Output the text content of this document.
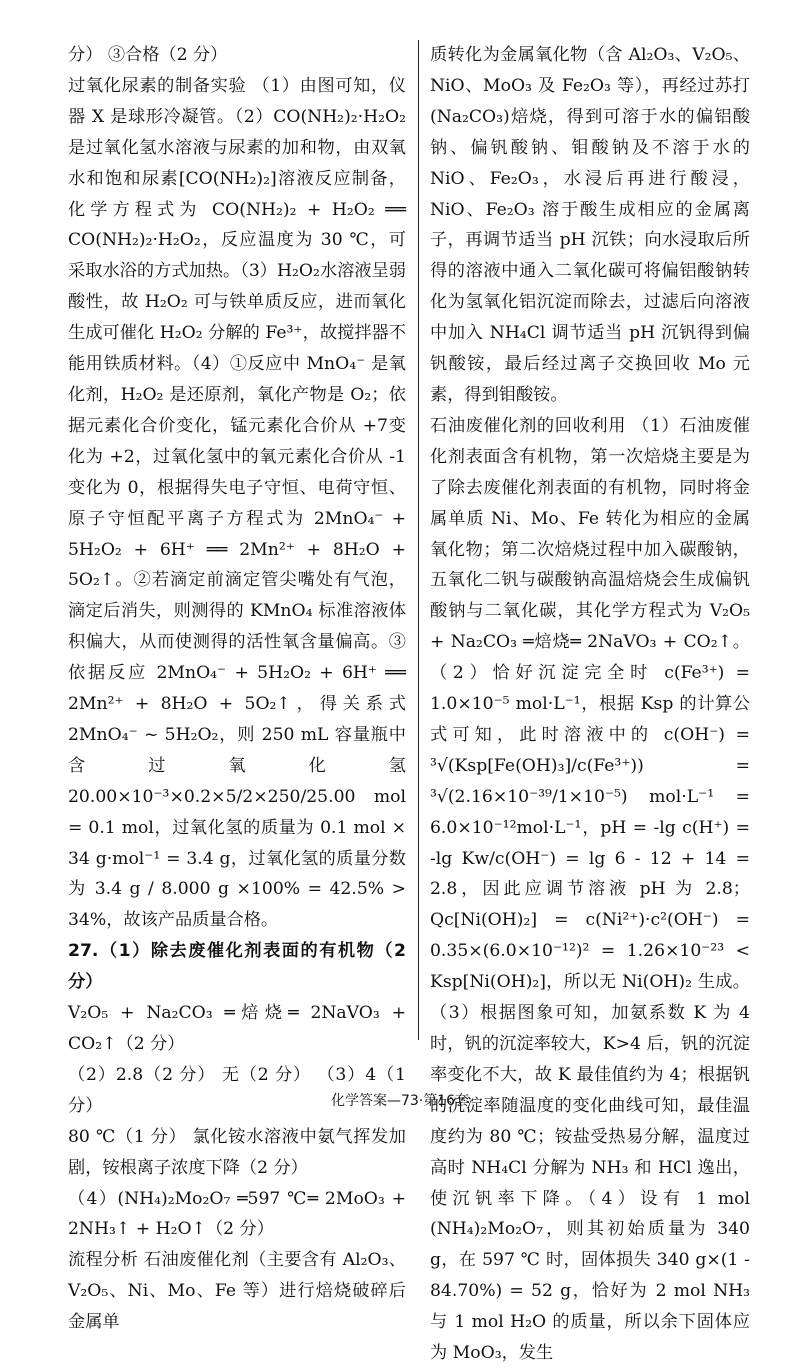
分） ③合格（2 分）

过氧化尿素的制备实验 （1）由图可知，仪器 X 是球形冷凝管。（2）CO(NH₂)₂·H₂O₂ 是过氧化氢水溶液与尿素的加和物，由双氧水和饱和尿素[CO(NH₂)₂]溶液反应制备，化学方程式为 CO(NH₂)₂ + H₂O₂ ══ CO(NH₂)₂·H₂O₂，反应温度为 30 ℃，可采取水浴的方式加热。（3）H₂O₂水溶液呈弱酸性，故 H₂O₂ 可与铁单质反应，进而氧化生成可催化 H₂O₂ 分解的 Fe³⁺，故搅拌器不能用铁质材料。（4）①反应中 MnO₄⁻ 是氧化剂，H₂O₂ 是还原剂，氧化产物是 O₂；依据元素化合价变化，锰元素化合价从 +7变化为 +2，过氧化氢中的氧元素化合价从 -1 变化为 0，根据得失电子守恒、电荷守恒、原子守恒配平离子方程式为 2MnO₄⁻ + 5H₂O₂ + 6H⁺ ══ 2Mn²⁺ + 8H₂O + 5O₂↑。②若滴定前滴定管尖嘴处有气泡，滴定后消失，则测得的 KMnO₄ 标准溶液体积偏大，从而使测得的活性氧含量偏高。③依据反应 2MnO₄⁻ + 5H₂O₂ + 6H⁺ ══ 2Mn²⁺ + 8H₂O + 5O₂↑，得关系式 2MnO₄⁻ ~ 5H₂O₂，则 250 mL 容量瓶中含过氧化氢 20.00×10⁻³×0.2×5/2×250/25.00 mol = 0.1 mol，过氧化氢的质量为 0.1 mol × 34 g·mol⁻¹ = 3.4 g，过氧化氢的质量分数为 3.4 g / 8.000 g ×100% = 42.5% > 34%，故该产品质量合格。

27.（1）除去废催化剂表面的有机物（2 分）

V₂O₅ + Na₂CO₃ ═焙烧═ 2NaVO₃ + CO₂↑（2 分）

（2）2.8（2 分） 无（2 分） （3）4（1 分）

80 ℃（1 分） 氯化铵水溶液中氨气挥发加剧，铵根离子浓度下降（2 分）

（4）(NH₄)₂Mo₂O₇ ═597 ℃═ 2MoO₃ + 2NH₃↑ + H₂O↑（2 分）

流程分析 石油废催化剂（主要含有 Al₂O₃、V₂O₅、Ni、Mo、Fe 等）进行焙烧破碎后金属单

质转化为金属氧化物（含 Al₂O₃、V₂O₅、NiO、MoO₃ 及 Fe₂O₃ 等），再经过苏打(Na₂CO₃)焙烧，得到可溶于水的偏铝酸钠、偏钒酸钠、钼酸钠及不溶于水的 NiO、Fe₂O₃，水浸后再进行酸浸，NiO、Fe₂O₃ 溶于酸生成相应的金属离子，再调节适当 pH 沉铁；向水浸取后所得的溶液中通入二氧化碳可将偏铝酸钠转化为氢氧化铝沉淀而除去，过滤后向溶液中加入 NH₄Cl 调节适当 pH 沉钒得到偏钒酸铵，最后经过离子交换回收 Mo 元素，得到钼酸铵。

石油废催化剂的回收利用 （1）石油废催化剂表面含有机物，第一次焙烧主要是为了除去废催化剂表面的有机物，同时将金属单质 Ni、Mo、Fe 转化为相应的金属氧化物；第二次焙烧过程中加入碳酸钠，五氧化二钒与碳酸钠高温焙烧会生成偏钒酸钠与二氧化碳，其化学方程式为 V₂O₅ + Na₂CO₃ ═焙烧═ 2NaVO₃ + CO₂↑。（2）恰好沉淀完全时 c(Fe³⁺) = 1.0×10⁻⁵ mol·L⁻¹，根据 Ksp 的计算公式可知，此时溶液中的 c(OH⁻) = ³√(Ksp[Fe(OH)₃]/c(Fe³⁺)) = ³√(2.16×10⁻³⁹/1×10⁻⁵) mol·L⁻¹ = 6.0×10⁻¹²mol·L⁻¹，pH = -lg c(H⁺) = -lg Kw/c(OH⁻) = lg 6 - 12 + 14 = 2.8，因此应调节溶液 pH 为 2.8；Qc[Ni(OH)₂] = c(Ni²⁺)·c²(OH⁻) = 0.35×(6.0×10⁻¹²)² = 1.26×10⁻²³ < Ksp[Ni(OH)₂]，所以无 Ni(OH)₂ 生成。（3）根据图象可知，加氨系数 K 为 4 时，钒的沉淀率较大，K>4 后，钒的沉淀率变化不大，故 K 最佳值约为 4；根据钒的沉淀率随温度的变化曲线可知，最佳温度约为 80 ℃；铵盐受热易分解，温度过高时 NH₄Cl 分解为 NH₃ 和 HCl 逸出，使沉钒率下降。（4）设有 1 mol (NH₄)₂Mo₂O₇，则其初始质量为 340 g，在 597 ℃ 时，固体损失 340 g×(1 - 84.70%) = 52 g，恰好为 2 mol NH₃ 与 1 mol H₂O 的质量，所以余下固体应为 MoO₃，发生

化学答案—73·第16套
